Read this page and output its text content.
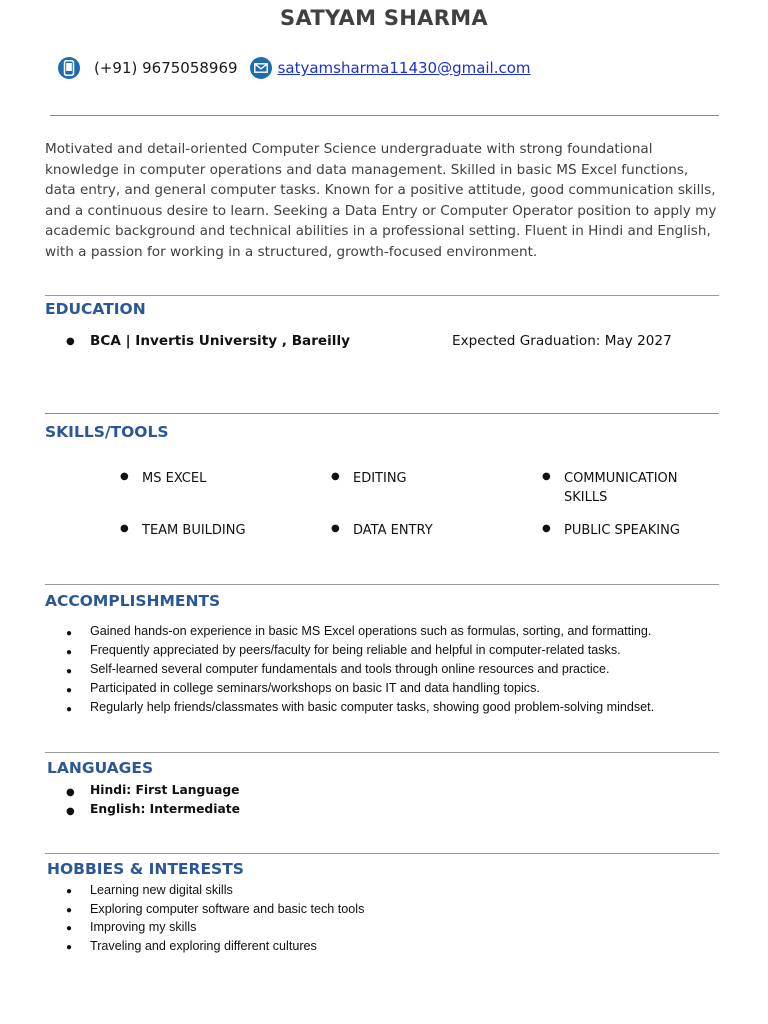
SATYAM SHARMA
(+91) 9675058969	satyamsharma11430@gmail.com
Motivated and detail-oriented Computer Science undergraduate with strong foundational knowledge in computer operations and data management. Skilled in basic MS Excel functions, data entry, and general computer tasks. Known for a positive attitude, good communication skills, and a continuous desire to learn. Seeking a Data Entry or Computer Operator position to apply my academic background and technical abilities in a professional setting. Fluent in Hindi and English, with a passion for working in a structured, growth-focused environment.
EDUCATION
● BCA | Invertis University , Bareilly	Expected Graduation: May 2027
SKILLS/TOOLS
● MS EXCEL	● EDITING	● COMMUNICATION SKILLS
● TEAM BUILDING	● DATA ENTRY	● PUBLIC SPEAKING
ACCOMPLISHMENTS
● Gained hands-on experience in basic MS Excel operations such as formulas, sorting, and formatting.
● Frequently appreciated by peers/faculty for being reliable and helpful in computer-related tasks.
● Self-learned several computer fundamentals and tools through online resources and practice.
● Participated in college seminars/workshops on basic IT and data handling topics.
● Regularly help friends/classmates with basic computer tasks, showing good problem-solving mindset.
LANGUAGES
● Hindi: First Language
● English: Intermediate
HOBBIES & INTERESTS
● Learning new digital skills
● Exploring computer software and basic tech tools
● Improving my skills
● Traveling and exploring different cultures
